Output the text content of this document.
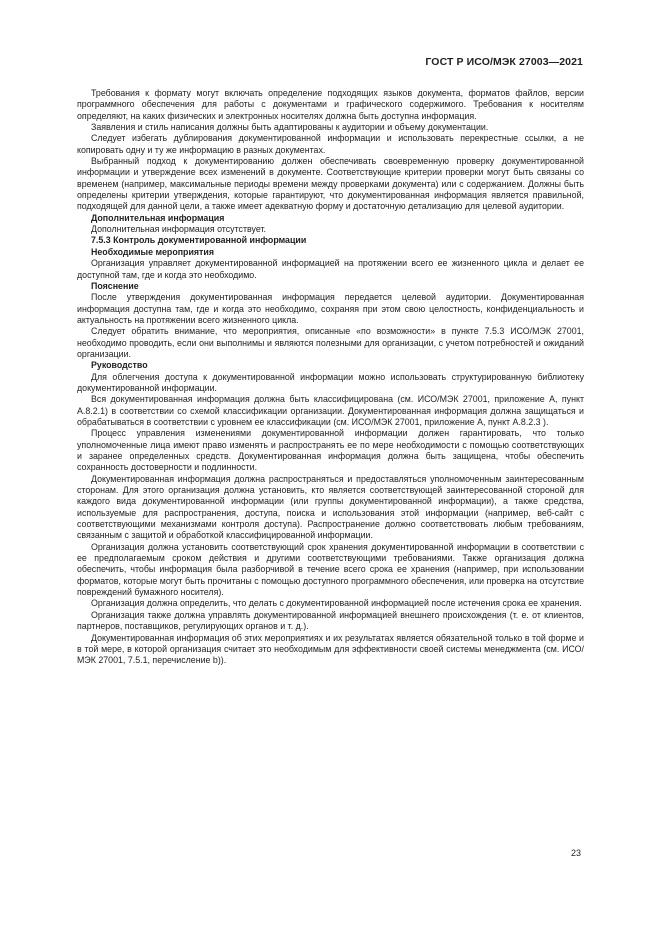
ГОСТ Р ИСО/МЭК 27003—2021

Требования к формату могут включать определение подходящих языков документа, форматов файлов, версии программного обеспечения для работы с документами и графического содержимого. Требования к носителям определяют, на каких физических и электронных носителях должна быть доступна информация.

Заявления и стиль написания должны быть адаптированы к аудитории и объему документации.

Следует избегать дублирования документированной информации и использовать перекрестные ссылки, а не копировать одну и ту же информацию в разных документах.

Выбранный подход к документированию должен обеспечивать своевременную проверку документированной информации и утверждение всех изменений в документе. Соответствующие критерии проверки могут быть связаны со временем (например, максимальные периоды времени между проверками документа) или с содержанием. Должны быть определены критерии утверждения, которые гарантируют, что документированная информация является правильной, подходящей для данной цели, а также имеет адекватную форму и достаточную детализацию для целевой аудитории.

Дополнительная информация

Дополнительная информация отсутствует.

7.5.3 Контроль документированной информации

Необходимые мероприятия

Организация управляет документированной информацией на протяжении всего ее жизненного цикла и делает ее доступной там, где и когда это необходимо.

Пояснение

После утверждения документированная информация передается целевой аудитории. Документированная информация доступна там, где и когда это необходимо, сохраняя при этом свою целостность, конфиденциальность и актуальность на протяжении всего жизненного цикла.

Следует обратить внимание, что мероприятия, описанные «по возможности» в пункте 7.5.3 ИСО/МЭК 27001, необходимо проводить, если они выполнимы и являются полезными для организации, с учетом потребностей и ожиданий организации.

Руководство

Для облегчения доступа к документированной информации можно использовать структурированную библиотеку документированной информации.

Вся документированная информация должна быть классифицирована (см. ИСО/МЭК 27001, приложение А, пункт А.8.2.1) в соответствии со схемой классификации организации. Документированная информация должна защищаться и обрабатываться в соответствии с уровнем ее классификации (см. ИСО/МЭК 27001, приложение А, пункт А.8.2.3 ).

Процесс управления изменениями документированной информации должен гарантировать, что только уполномоченные лица имеют право изменять и распространять ее по мере необходимости с помощью соответствующих и заранее определенных средств. Документированная информация должна быть защищена, чтобы обеспечить сохранность достоверности и подлинности.

Документированная информация должна распространяться и предоставляться уполномоченным заинтересованным сторонам. Для этого организация должна установить, кто является соответствующей заинтересованной стороной для каждого вида документированной информации (или группы документированной информации), а также средства, используемые для распространения, доступа, поиска и использования этой информации (например, веб-сайт с соответствующими механизмами контроля доступа). Распространение должно соответствовать любым требованиям, связанным с защитой и обработкой классифицированной информации.

Организация должна установить соответствующий срок хранения документированной информации в соответствии с ее предполагаемым сроком действия и другими соответствующими требованиями. Также организация должна обеспечить, чтобы информация была разборчивой в течение всего срока ее хранения (например, при использовании форматов, которые могут быть прочитаны с помощью доступного программного обеспечения, или проверка на отсутствие повреждений бумажного носителя).

Организация должна определить, что делать с документированной информацией после истечения срока ее хранения.

Организация также должна управлять документированной информацией внешнего происхождения (т. е. от клиентов, партнеров, поставщиков, регулирующих органов и т. д.).

Документированная информация об этих мероприятиях и их результатах является обязательной только в той форме и в той мере, в которой организация считает это необходимым для эффективности своей системы менеджмента (см. ИСО/МЭК 27001, 7.5.1, перечисление b)).

23
